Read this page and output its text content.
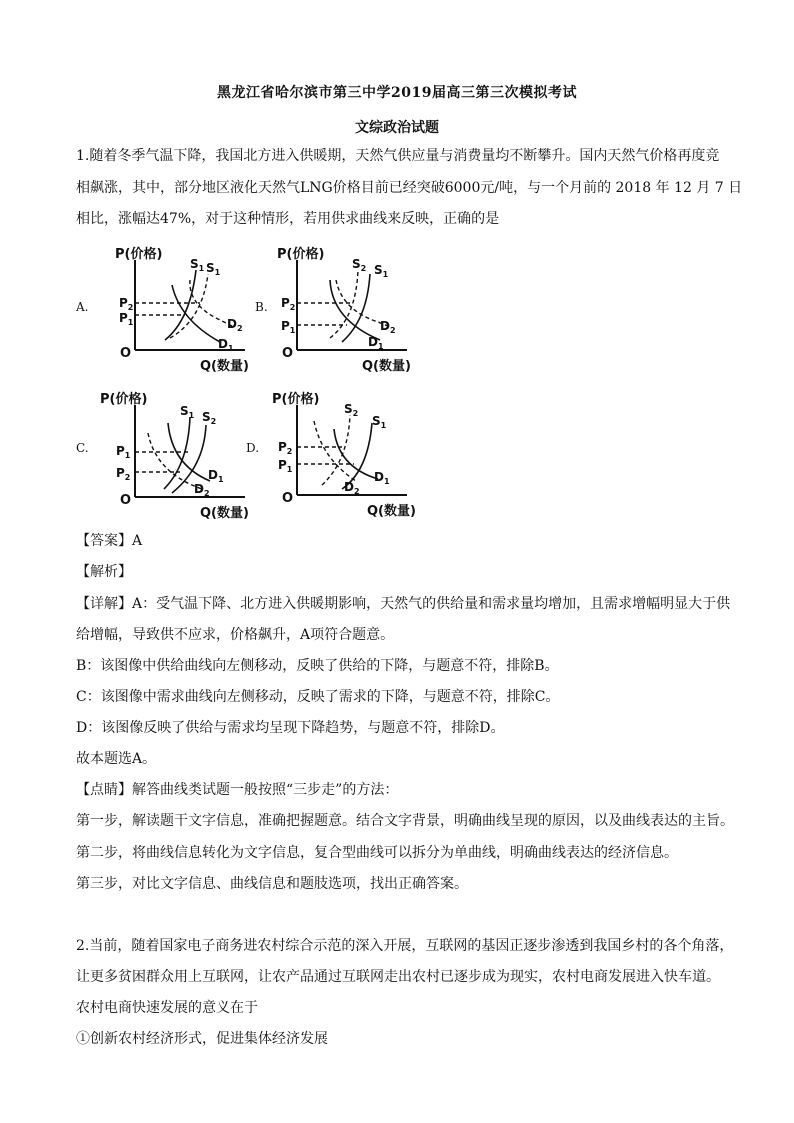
黑龙江省哈尔滨市第三中学2019届高三第三次模拟考试
文综政治试题
1.随着冬季气温下降，我国北方进入供暖期，天然气供应量与消费量均不断攀升。国内天然气价格再度竞
相飙涨，其中，部分地区液化天然气LNG价格目前已经突破6000元/吨，与一个月前的 2018 年 12 月 7 日
相比，涨幅达47%，对于这种情形，若用供求曲线来反映，正确的是
A.
P(价格)
Q(数量)
O
$P_2$
$P_1$
$S_1$ $S_1$
$D_2$
$D_1$
B.
P(价格)
Q(数量)
O
$P_2$
$P_1$
$S_2$ $S_1$
$D_2$
$D_1$
C.
P(价格)
Q(数量)
O
$P_1$
$P_2$
$S_1$ $S_2$
$D_1$
$D_2$
D.
P(价格)
Q(数量)
O
$P_2$
$P_1$
$S_2$
$S_1$
$D_1$
$D_2$
【答案】A
【解析】
【详解】A：受气温下降、北方进入供暖期影响，天然气的供给量和需求量均增加，且需求增幅明显大于供
给增幅，导致供不应求，价格飙升，A项符合题意。
B：该图像中供给曲线向左侧移动，反映了供给的下降，与题意不符，排除B。
C：该图像中需求曲线向左侧移动，反映了需求的下降，与题意不符，排除C。
D：该图像反映了供给与需求均呈现下降趋势，与题意不符，排除D。
故本题选A。
【点睛】解答曲线类试题一般按照“三步走”的方法：
第一步，解读题干文字信息，准确把握题意。结合文字背景，明确曲线呈现的原因，以及曲线表达的主旨。
第二步，将曲线信息转化为文字信息，复合型曲线可以拆分为单曲线，明确曲线表达的经济信息。
第三步，对比文字信息、曲线信息和题肢选项，找出正确答案。
2.当前，随着国家电子商务进农村综合示范的深入开展，互联网的基因正逐步渗透到我国乡村的各个角落，
让更多贫困群众用上互联网，让农产品通过互联网走出农村已逐步成为现实，农村电商发展进入快车道。
农村电商快速发展的意义在于
①创新农村经济形式，促进集体经济发展
